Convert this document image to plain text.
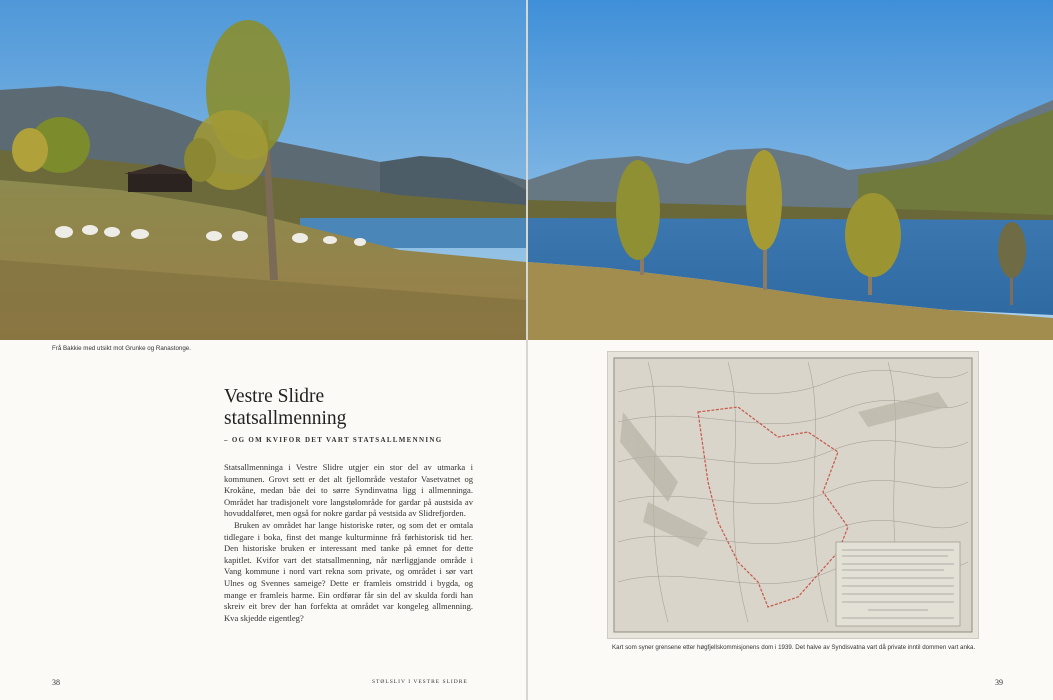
Frå Bakkie med utsikt mot Grunke og Ranastonge.
Vestre Slidre
statsallmenning
– OG OM KVIFOR DET VART STATSALLMENNING

Statsallmenninga i Vestre Slidre utgjer ein stor del av utmarka i kommunen. Grovt sett er det alt fjellområde vestafor Vasetvatnet og Krokåne, medan båe dei to sørre Syndinvatna ligg i allmenninga. Området har tradisjonelt vore langstølområde for gardar på austsida av hovuddalføret, men også for nokre gardar på vestsida av Slidrefjorden.

Bruken av området har lange historiske røter, og som det er omtala tidlegare i boka, finst det mange kulturminne frå førhistorisk tid her. Den historiske bruken er interessant med tanke på emnet for dette kapitlet. Kvifor vart det statsallmenning, når nærliggjande område i Vang kommune i nord vart rekna som private, og området i sør vart Ulnes og Svennes sameige? Dette er framleis omstridd i bygda, og mange er framleis harme. Ein ordførar får sin del av skulda fordi han skreiv eit brev der han forfekta at området var kongeleg allmenning. Kva skjedde eigentleg?

38	STØLSLIV I VESTRE SLIDRE
Kart som syner grensene etter høgfjellskommisjonens dom i 1939. Det halve av Syndisvatna vart då private inntil dommen vart anka.
39
